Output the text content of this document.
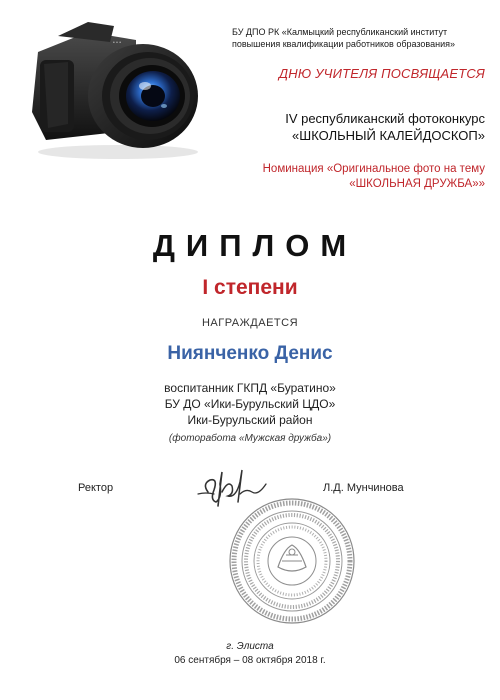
• • •
БУ ДПО РК «Калмыцкий республиканский институт
повышения квалификации работников образования»
ДНЮ УЧИТЕЛЯ ПОСВЯЩАЕТСЯ
IV республиканский фотоконкурс
«ШКОЛЬНЫЙ КАЛЕЙДОСКОП»
Номинация «Оригинальное фото на тему
«ШКОЛЬНАЯ ДРУЖБА»»
ДИПЛОМ
I степени
НАГРАЖДАЕТСЯ
Ниянченко Денис
воспитанник ГКПД «Буратино»
БУ ДО «Ики-Бурульский ЦДО»
Ики-Бурульский район
(фоторабота «Мужская дружба»)
Ректор	Л.Д. Мунчинова
г. Элиста
06 сентября – 08 октября 2018 г.
